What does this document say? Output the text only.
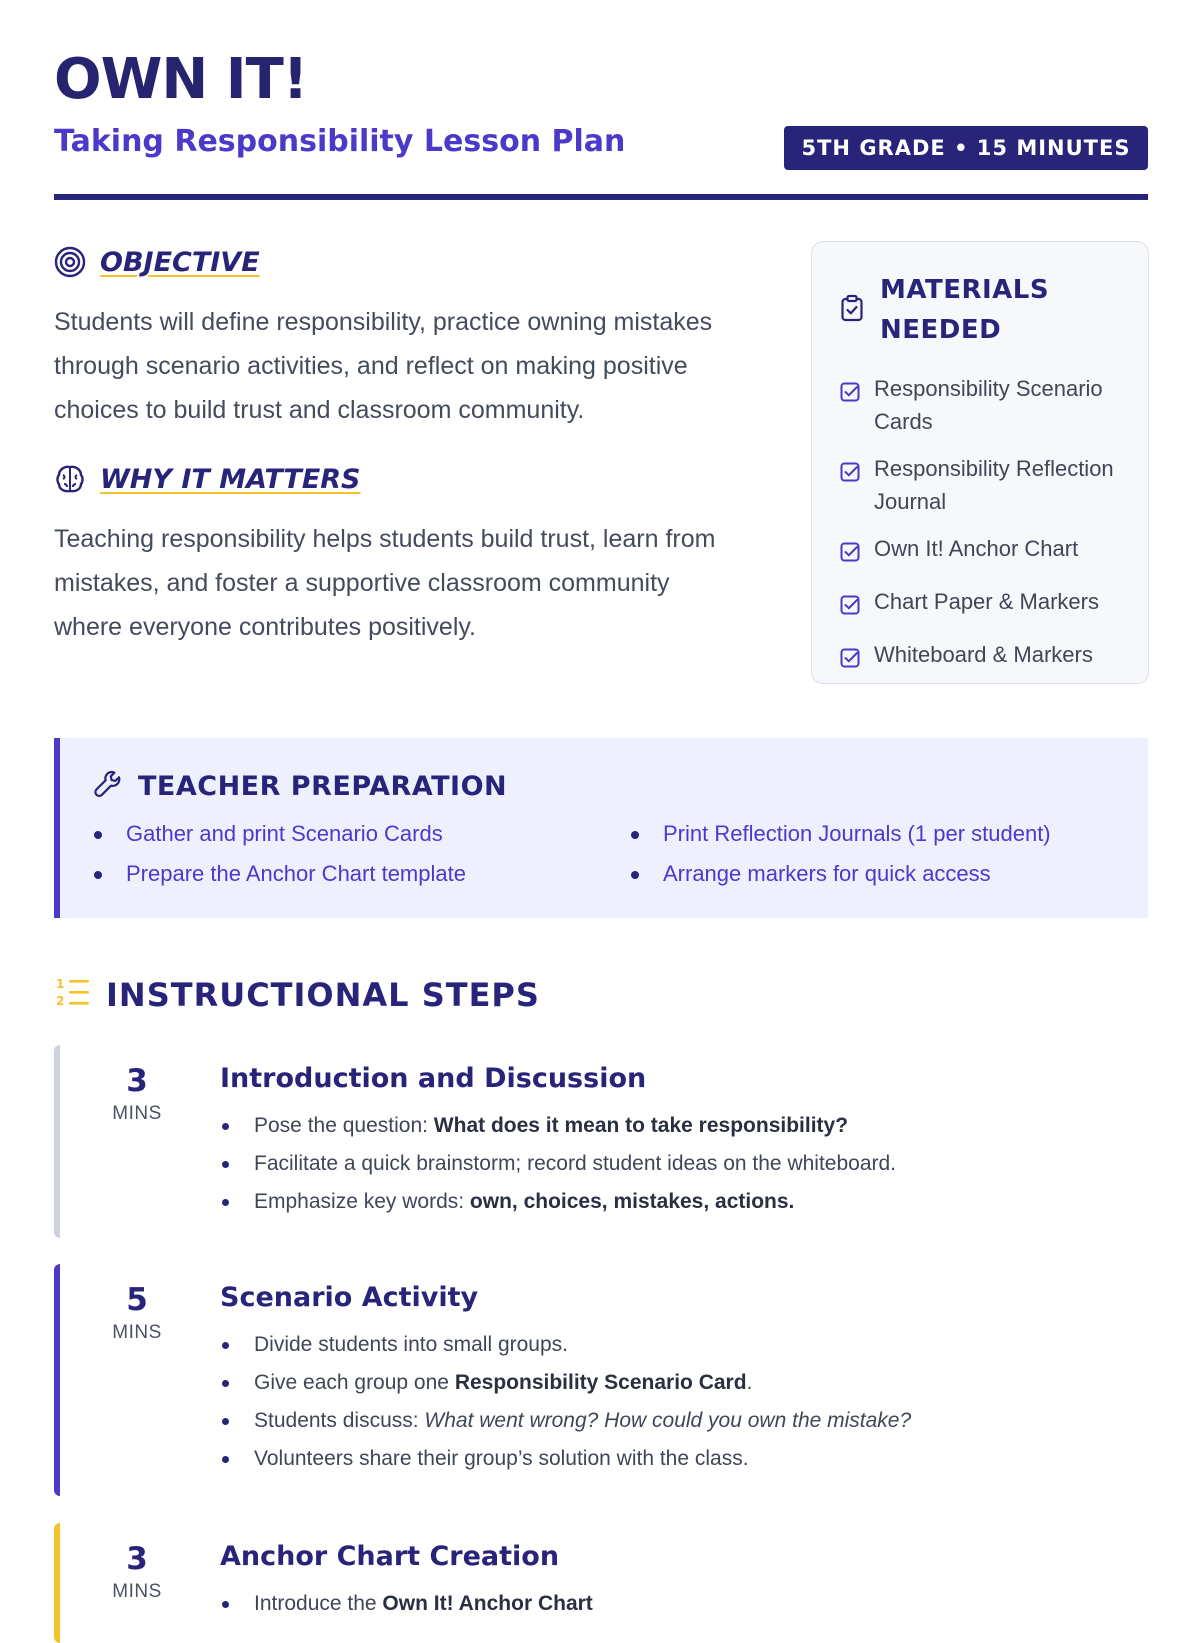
OWN IT!
Taking Responsibility Lesson Plan	5TH GRADE • 15 MINUTES
OBJECTIVE
Students will define responsibility, practice owning mistakes through scenario activities, and reflect on making positive choices to build trust and classroom community.
WHY IT MATTERS
Teaching responsibility helps students build trust, learn from mistakes, and foster a supportive classroom community where everyone contributes positively.
MATERIALS NEEDED
Responsibility Scenario Cards
Responsibility Reflection Journal
Own It! Anchor Chart
Chart Paper & Markers
Whiteboard & Markers
TEACHER PREPARATION
Gather and print Scenario Cards
Prepare the Anchor Chart template
Print Reflection Journals (1 per student)
Arrange markers for quick access
1
2 INSTRUCTIONAL STEPS
3
MINS
Introduction and Discussion
Pose the question: What does it mean to take responsibility?
Facilitate a quick brainstorm; record student ideas on the whiteboard.
Emphasize key words: own, choices, mistakes, actions.
5
MINS
Scenario Activity
Divide students into small groups.
Give each group one Responsibility Scenario Card.
Students discuss: What went wrong? How could you own the mistake?
Volunteers share their group’s solution with the class.
3
MINS
Anchor Chart Creation
Introduce the Own It! Anchor Chart
